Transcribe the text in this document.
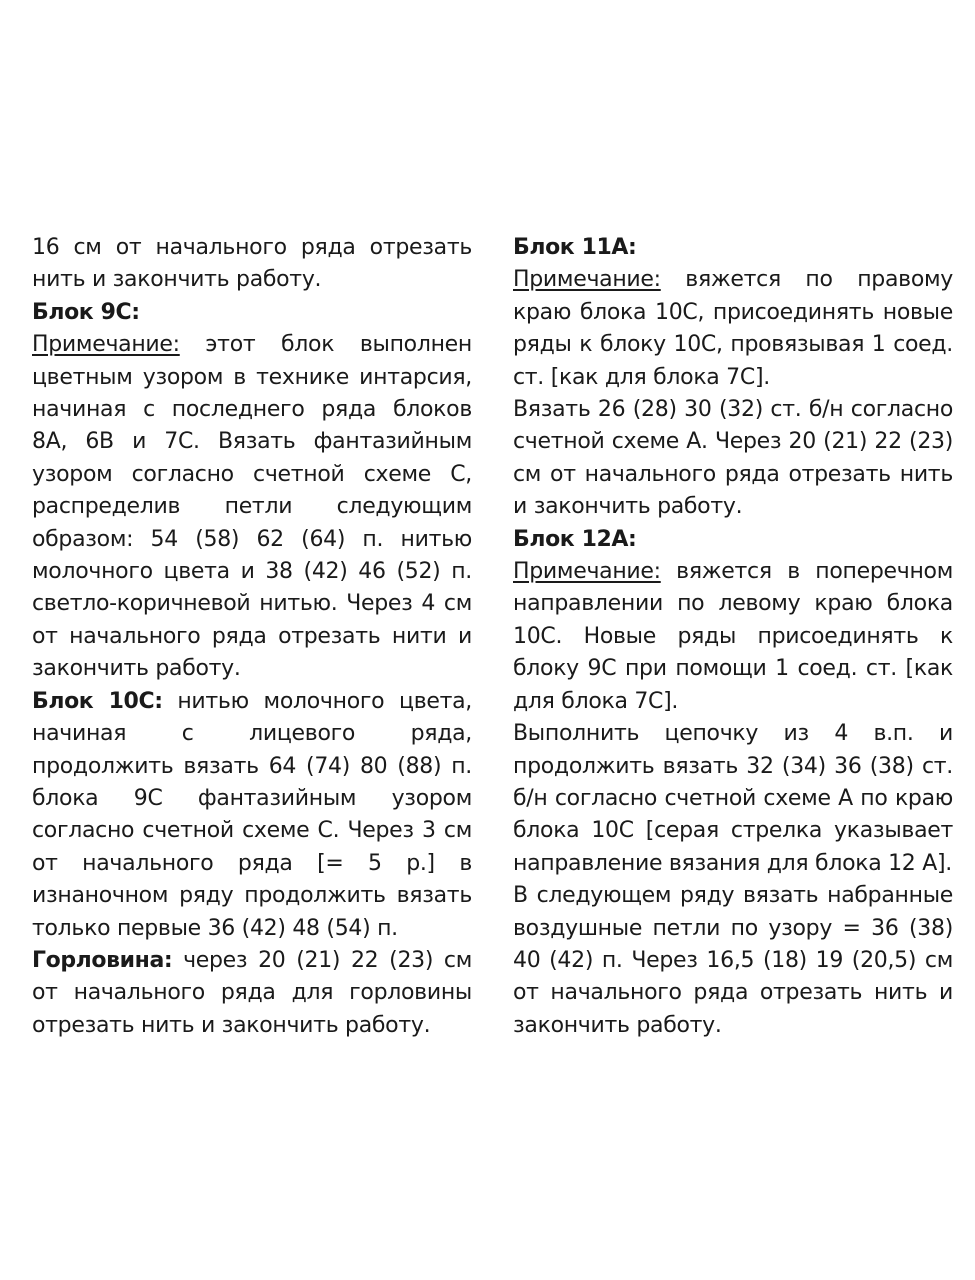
16 см от начального ряда отрезать нить и закончить работу.

Блок 9С:

Примечание: этот блок выполнен цветным узором в технике интарсия, начиная с последнего ряда блоков 8А, 6В и 7С. Вязать фантазийным узором согласно счетной схеме С, распределив петли следующим образом: 54 (58) 62 (64) п. нитью молочного цвета и 38 (42) 46 (52) п. светло-коричневой нитью. Через 4 см от начального ряда отрезать нити и закончить работу.

Блок 10С: нитью молочного цвета, начиная с лицевого ряда, продолжить вязать 64 (74) 80 (88) п. блока 9С фантазийным узором согласно счетной схеме С. Через 3 см от начального ряда [= 5 р.] в изнаночном ряду продолжить вязать только первые 36 (42) 48 (54) п.

Горловина: через 20 (21) 22 (23) см от начального ряда для горловины отрезать нить и закончить работу.

Блок 11А:

Примечание: вяжется по правому краю блока 10С, присоединять новые ряды к блоку 10С, провязывая 1 соед. ст. [как для блока 7С].

Вязать 26 (28) 30 (32) ст. б/н согласно счетной схеме А. Через 20 (21) 22 (23) см от начального ряда отрезать нить и закончить работу.

Блок 12А:

Примечание: вяжется в поперечном направлении по левому краю блока 10С. Новые ряды присоединять к блоку 9С при помощи 1 соед. ст. [как для блока 7С].

Выполнить цепочку из 4 в.п. и продолжить вязать 32 (34) 36 (38) ст. б/н согласно счетной схеме А по краю блока 10С [серая стрелка указывает направление вязания для блока 12 А].

В следующем ряду вязать набранные воздушные петли по узору = 36 (38) 40 (42) п. Через 16,5 (18) 19 (20,5) см от начального ряда отрезать нить и закончить работу.
